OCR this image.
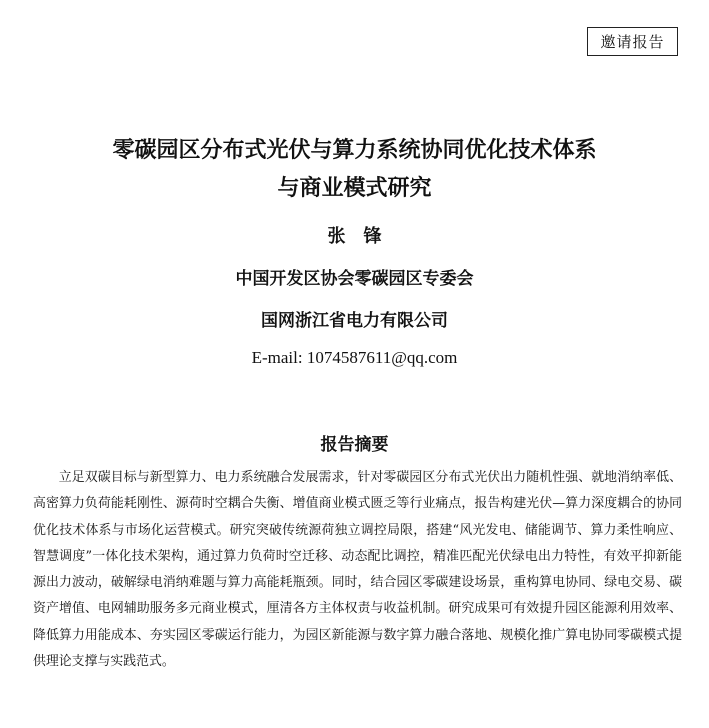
邀请报告
零碳园区分布式光伏与算力系统协同优化技术体系
与商业模式研究
张锋
中国开发区协会零碳园区专委会
国网浙江省电力有限公司
E-mail: 1074587611@qq.com
报告摘要
立足双碳目标与新型算力、电力系统融合发展需求，针对零碳园区分布式光伏出力随机性强、就地消纳率低、高密算力负荷能耗刚性、源荷时空耦合失衡、增值商业模式匮乏等行业痛点，报告构建光伏—算力深度耦合的协同优化技术体系与市场化运营模式。研究突破传统源荷独立调控局限，搭建“风光发电、储能调节、算力柔性响应、智慧调度”一体化技术架构，通过算力负荷时空迁移、动态配比调控，精准匹配光伏绿电出力特性，有效平抑新能源出力波动，破解绿电消纳难题与算力高能耗瓶颈。同时，结合园区零碳建设场景，重构算电协同、绿电交易、碳资产增值、电网辅助服务多元商业模式，厘清各方主体权责与收益机制。研究成果可有效提升园区能源利用效率、降低算力用能成本、夯实园区零碳运行能力，为园区新能源与数字算力融合落地、规模化推广算电协同零碳模式提供理论支撑与实践范式。
